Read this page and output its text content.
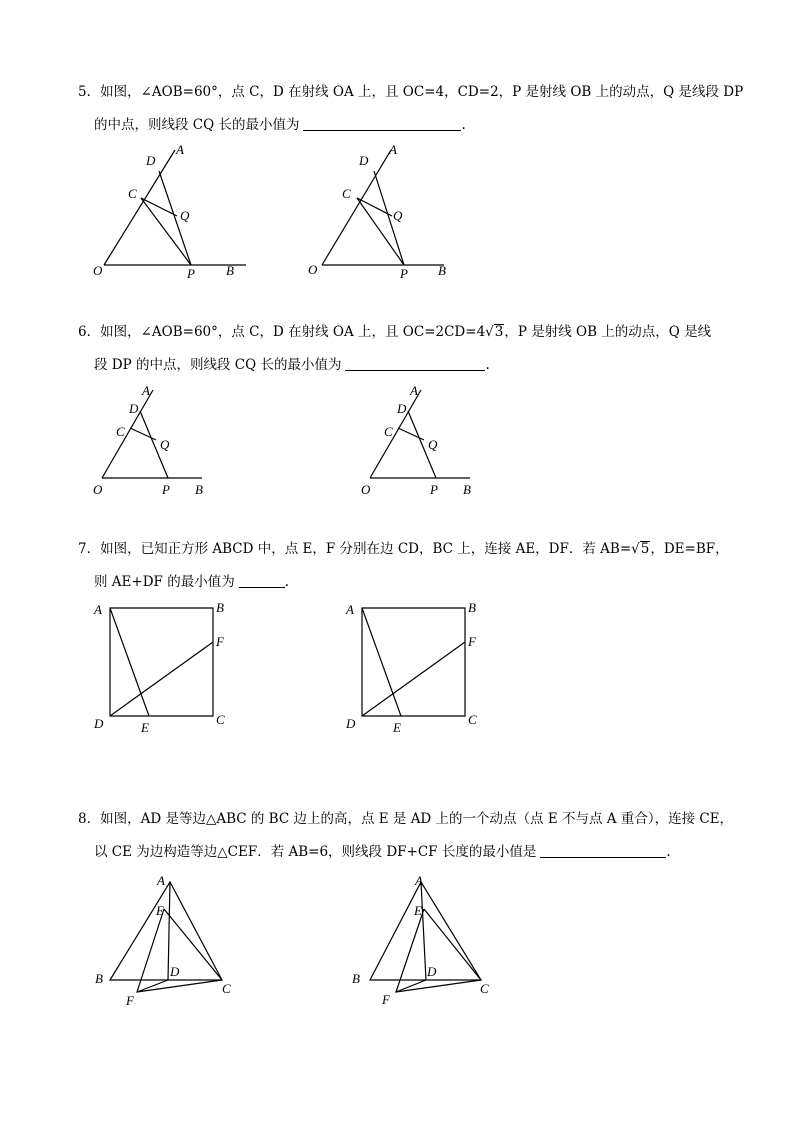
5．如图，∠AOB=60°，点 C，D 在射线 OA 上，且 OC=4，CD=2，P 是射线 OB 上的动点，Q 是线段 DP
的中点，则线段 CQ 长的最小值为	.
A
D
C
Q
O	P B
A
D
C
Q
O	P B
6．如图，∠AOB=60°，点 C，D 在射线 OA 上，且 OC=2CD=4√3，P 是射线 OB 上的动点，Q 是线
段 DP 的中点，则线段 CQ 长的最小值为	.
A
D
C
Q
O	P B
A
D
C
Q
O	P B
7．如图，已知正方形 ABCD 中，点 E，F 分别在边 CD，BC 上，连接 AE，DF．若 AB=√5，DE=BF，
则 AE+DF 的最小值为	.
A	B
F
D	E
C
A	B
F
D	E
C
8．如图，AD 是等边△ABC 的 BC 边上的高，点 E 是 AD 上的一个动点（点 E 不与点 A 重合），连接 CE，
以 CE 为边构造等边△CEF．若 AB=6，则线段 DF+CF 长度的最小值是	.
A
E
B	D
F
C
A
E
B	D
F
C
